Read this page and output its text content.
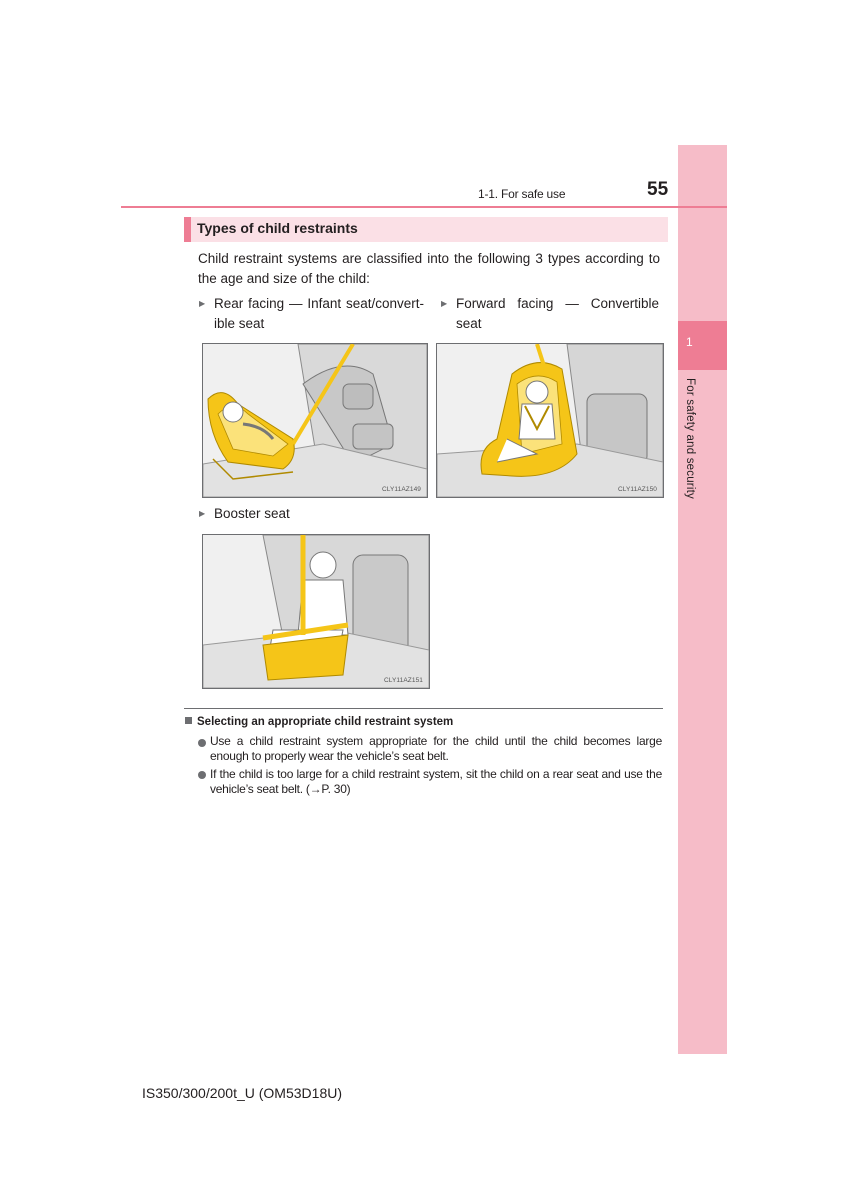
1
For safety and security
1-1. For safe use	55
Types of child restraints
Child restraint systems are classified into the following 3 types according to the age and size of the child:
▶ Rear facing — Infant seat/convert-
ible seat
▶ Forward facing — Convertible
seat
CLY11AZ149	CLY11AZ150
▶ Booster seat
CLY11AZ151
Selecting an appropriate child restraint system
Use a child restraint system appropriate for the child until the child becomes large
enough to properly wear the vehicle’s seat belt.
If the child is too large for a child restraint system, sit the child on a rear seat and use the
vehicle’s seat belt. (→P. 30)
IS350/300/200t_U (OM53D18U)
